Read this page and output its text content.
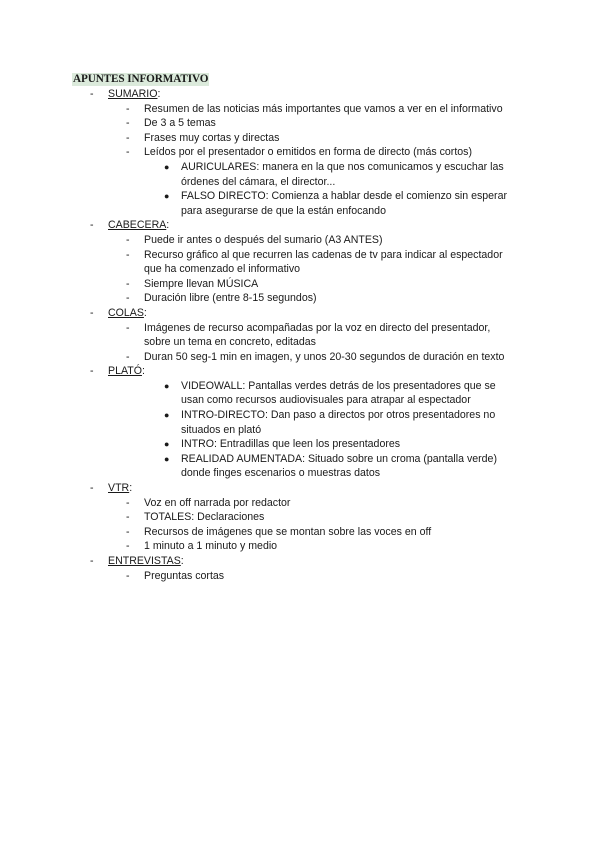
APUNTES INFORMATIVO
- SUMARIO:
- Resumen de las noticias más importantes que vamos a ver en el informativo
- De 3 a 5 temas
- Frases muy cortas y directas
- Leídos por el presentador o emitidos en forma de directo (más cortos)
● AURICULARES: manera en la que nos comunicamos y escuchar las
órdenes del cámara, el director...
● FALSO DIRECTO: Comienza a hablar desde el comienzo sin esperar
para asegurarse de que la están enfocando
- CABECERA:
- Puede ir antes o después del sumario (A3 ANTES)
- Recurso gráfico al que recurren las cadenas de tv para indicar al espectador
que ha comenzado el informativo
- Siempre llevan MÚSICA
- Duración libre (entre 8-15 segundos)
- COLAS:
- Imágenes de recurso acompañadas por la voz en directo del presentador,
sobre un tema en concreto, editadas
- Duran 50 seg-1 min en imagen, y unos 20-30 segundos de duración en texto
- PLATÓ:
● VIDEOWALL: Pantallas verdes detrás de los presentadores que se
usan como recursos audiovisuales para atrapar al espectador
● INTRO-DIRECTO: Dan paso a directos por otros presentadores no
situados en plató
● INTRO: Entradillas que leen los presentadores
● REALIDAD AUMENTADA: Situado sobre un croma (pantalla verde)
donde finges escenarios o muestras datos
- VTR:
- Voz en off narrada por redactor
- TOTALES: Declaraciones
- Recursos de imágenes que se montan sobre las voces en off
- 1 minuto a 1 minuto y medio
- ENTREVISTAS:
- Preguntas cortas
